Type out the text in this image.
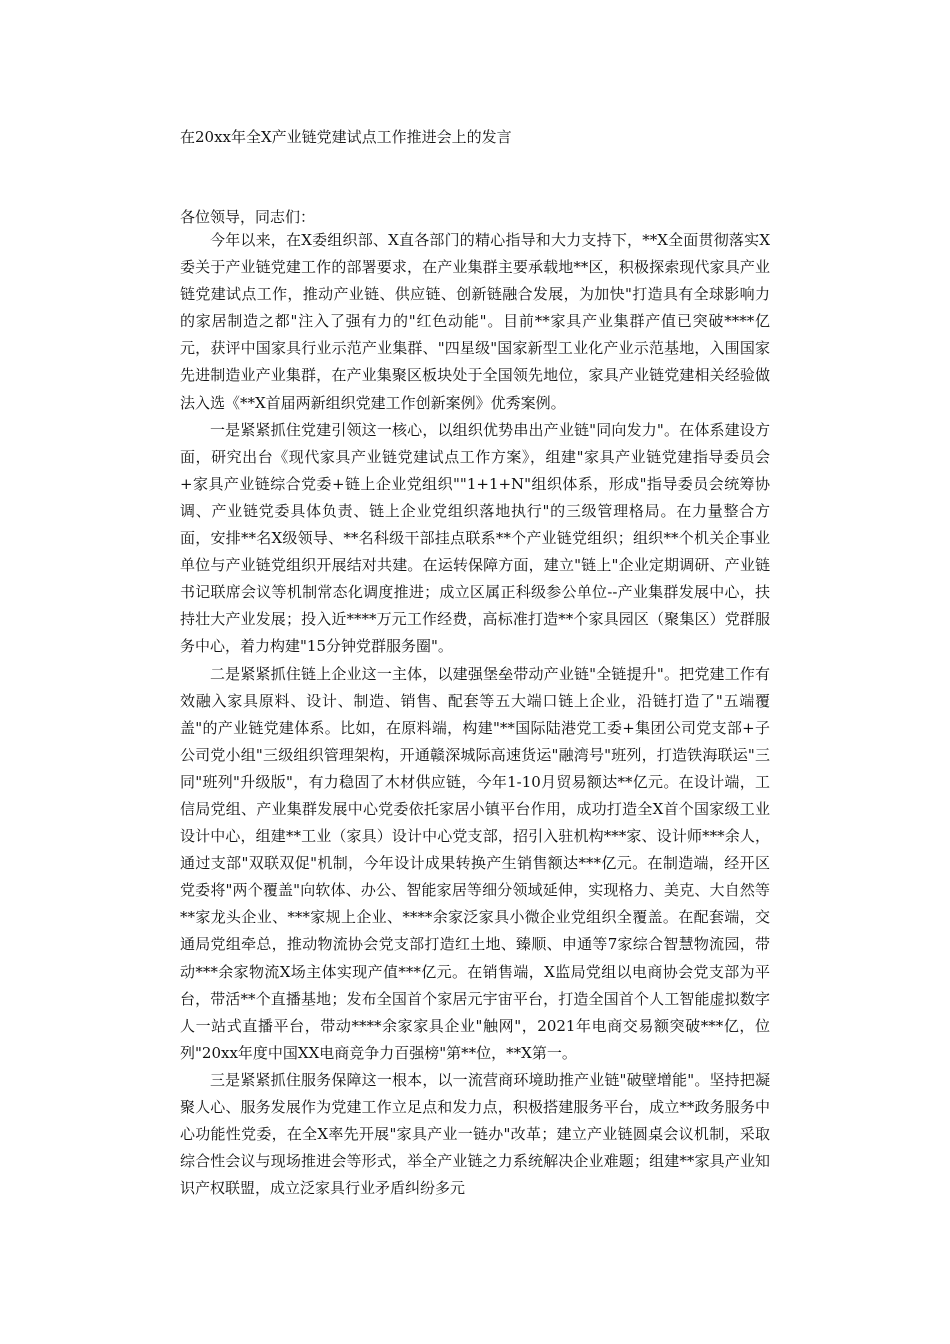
在20xx年全X产业链党建试点工作推进会上的发言
各位领导，同志们：

今年以来，在X委组织部、X直各部门的精心指导和大力支持下，**X全面贯彻落实X委关于产业链党建工作的部署要求，在产业集群主要承载地**区，积极探索现代家具产业链党建试点工作，推动产业链、供应链、创新链融合发展，为加快"打造具有全球影响力的家居制造之都"注入了强有力的"红色动能"。目前**家具产业集群产值已突破****亿元，获评中国家具行业示范产业集群、"四星级"国家新型工业化产业示范基地，入围国家先进制造业产业集群，在产业集聚区板块处于全国领先地位，家具产业链党建相关经验做法入选《**X首届两新组织党建工作创新案例》优秀案例。

一是紧紧抓住党建引领这一核心，以组织优势串出产业链"同向发力"。在体系建设方面，研究出台《现代家具产业链党建试点工作方案》，组建"家具产业链党建指导委员会+家具产业链综合党委+链上企业党组织""1+1+N"组织体系，形成"指导委员会统筹协调、产业链党委具体负责、链上企业党组织落地执行"的三级管理格局。在力量整合方面，安排**名X级领导、**名科级干部挂点联系**个产业链党组织；组织**个机关企事业单位与产业链党组织开展结对共建。在运转保障方面，建立"链上"企业定期调研、产业链书记联席会议等机制常态化调度推进；成立区属正科级参公单位--产业集群发展中心，扶持壮大产业发展；投入近****万元工作经费，高标准打造**个家具园区（聚集区）党群服务中心，着力构建"15分钟党群服务圈"。

二是紧紧抓住链上企业这一主体，以建强堡垒带动产业链"全链提升"。把党建工作有效融入家具原料、设计、制造、销售、配套等五大端口链上企业，沿链打造了"五端覆盖"的产业链党建体系。比如，在原料端，构建"**国际陆港党工委+集团公司党支部+子公司党小组"三级组织管理架构，开通赣深城际高速货运"融湾号"班列，打造铁海联运"三同"班列"升级版"，有力稳固了木材供应链，今年1-10月贸易额达**亿元。在设计端，工信局党组、产业集群发展中心党委依托家居小镇平台作用，成功打造全X首个国家级工业设计中心，组建**工业（家具）设计中心党支部，招引入驻机构***家、设计师***余人，通过支部"双联双促"机制，今年设计成果转换产生销售额达***亿元。在制造端，经开区党委将"两个覆盖"向软体、办公、智能家居等细分领域延伸，实现格力、美克、大自然等**家龙头企业、***家规上企业、****余家泛家具小微企业党组织全覆盖。在配套端，交通局党组牵总，推动物流协会党支部打造红土地、臻顺、申通等7家综合智慧物流园，带动***余家物流X场主体实现产值***亿元。在销售端，X监局党组以电商协会党支部为平台，带活**个直播基地；发布全国首个家居元宇宙平台，打造全国首个人工智能虚拟数字人一站式直播平台，带动****余家家具企业"触网"，2021年电商交易额突破***亿，位列"20xx年度中国XX电商竞争力百强榜"第**位，**X第一。

三是紧紧抓住服务保障这一根本，以一流营商环境助推产业链"破壁增能"。坚持把凝聚人心、服务发展作为党建工作立足点和发力点，积极搭建服务平台，成立**政务服务中心功能性党委，在全X率先开展"家具产业一链办"改革；建立产业链圆桌会议机制，采取综合性会议与现场推进会等形式，举全产业链之力系统解决企业难题；组建**家具产业知识产权联盟，成立泛家具行业矛盾纠纷多元
